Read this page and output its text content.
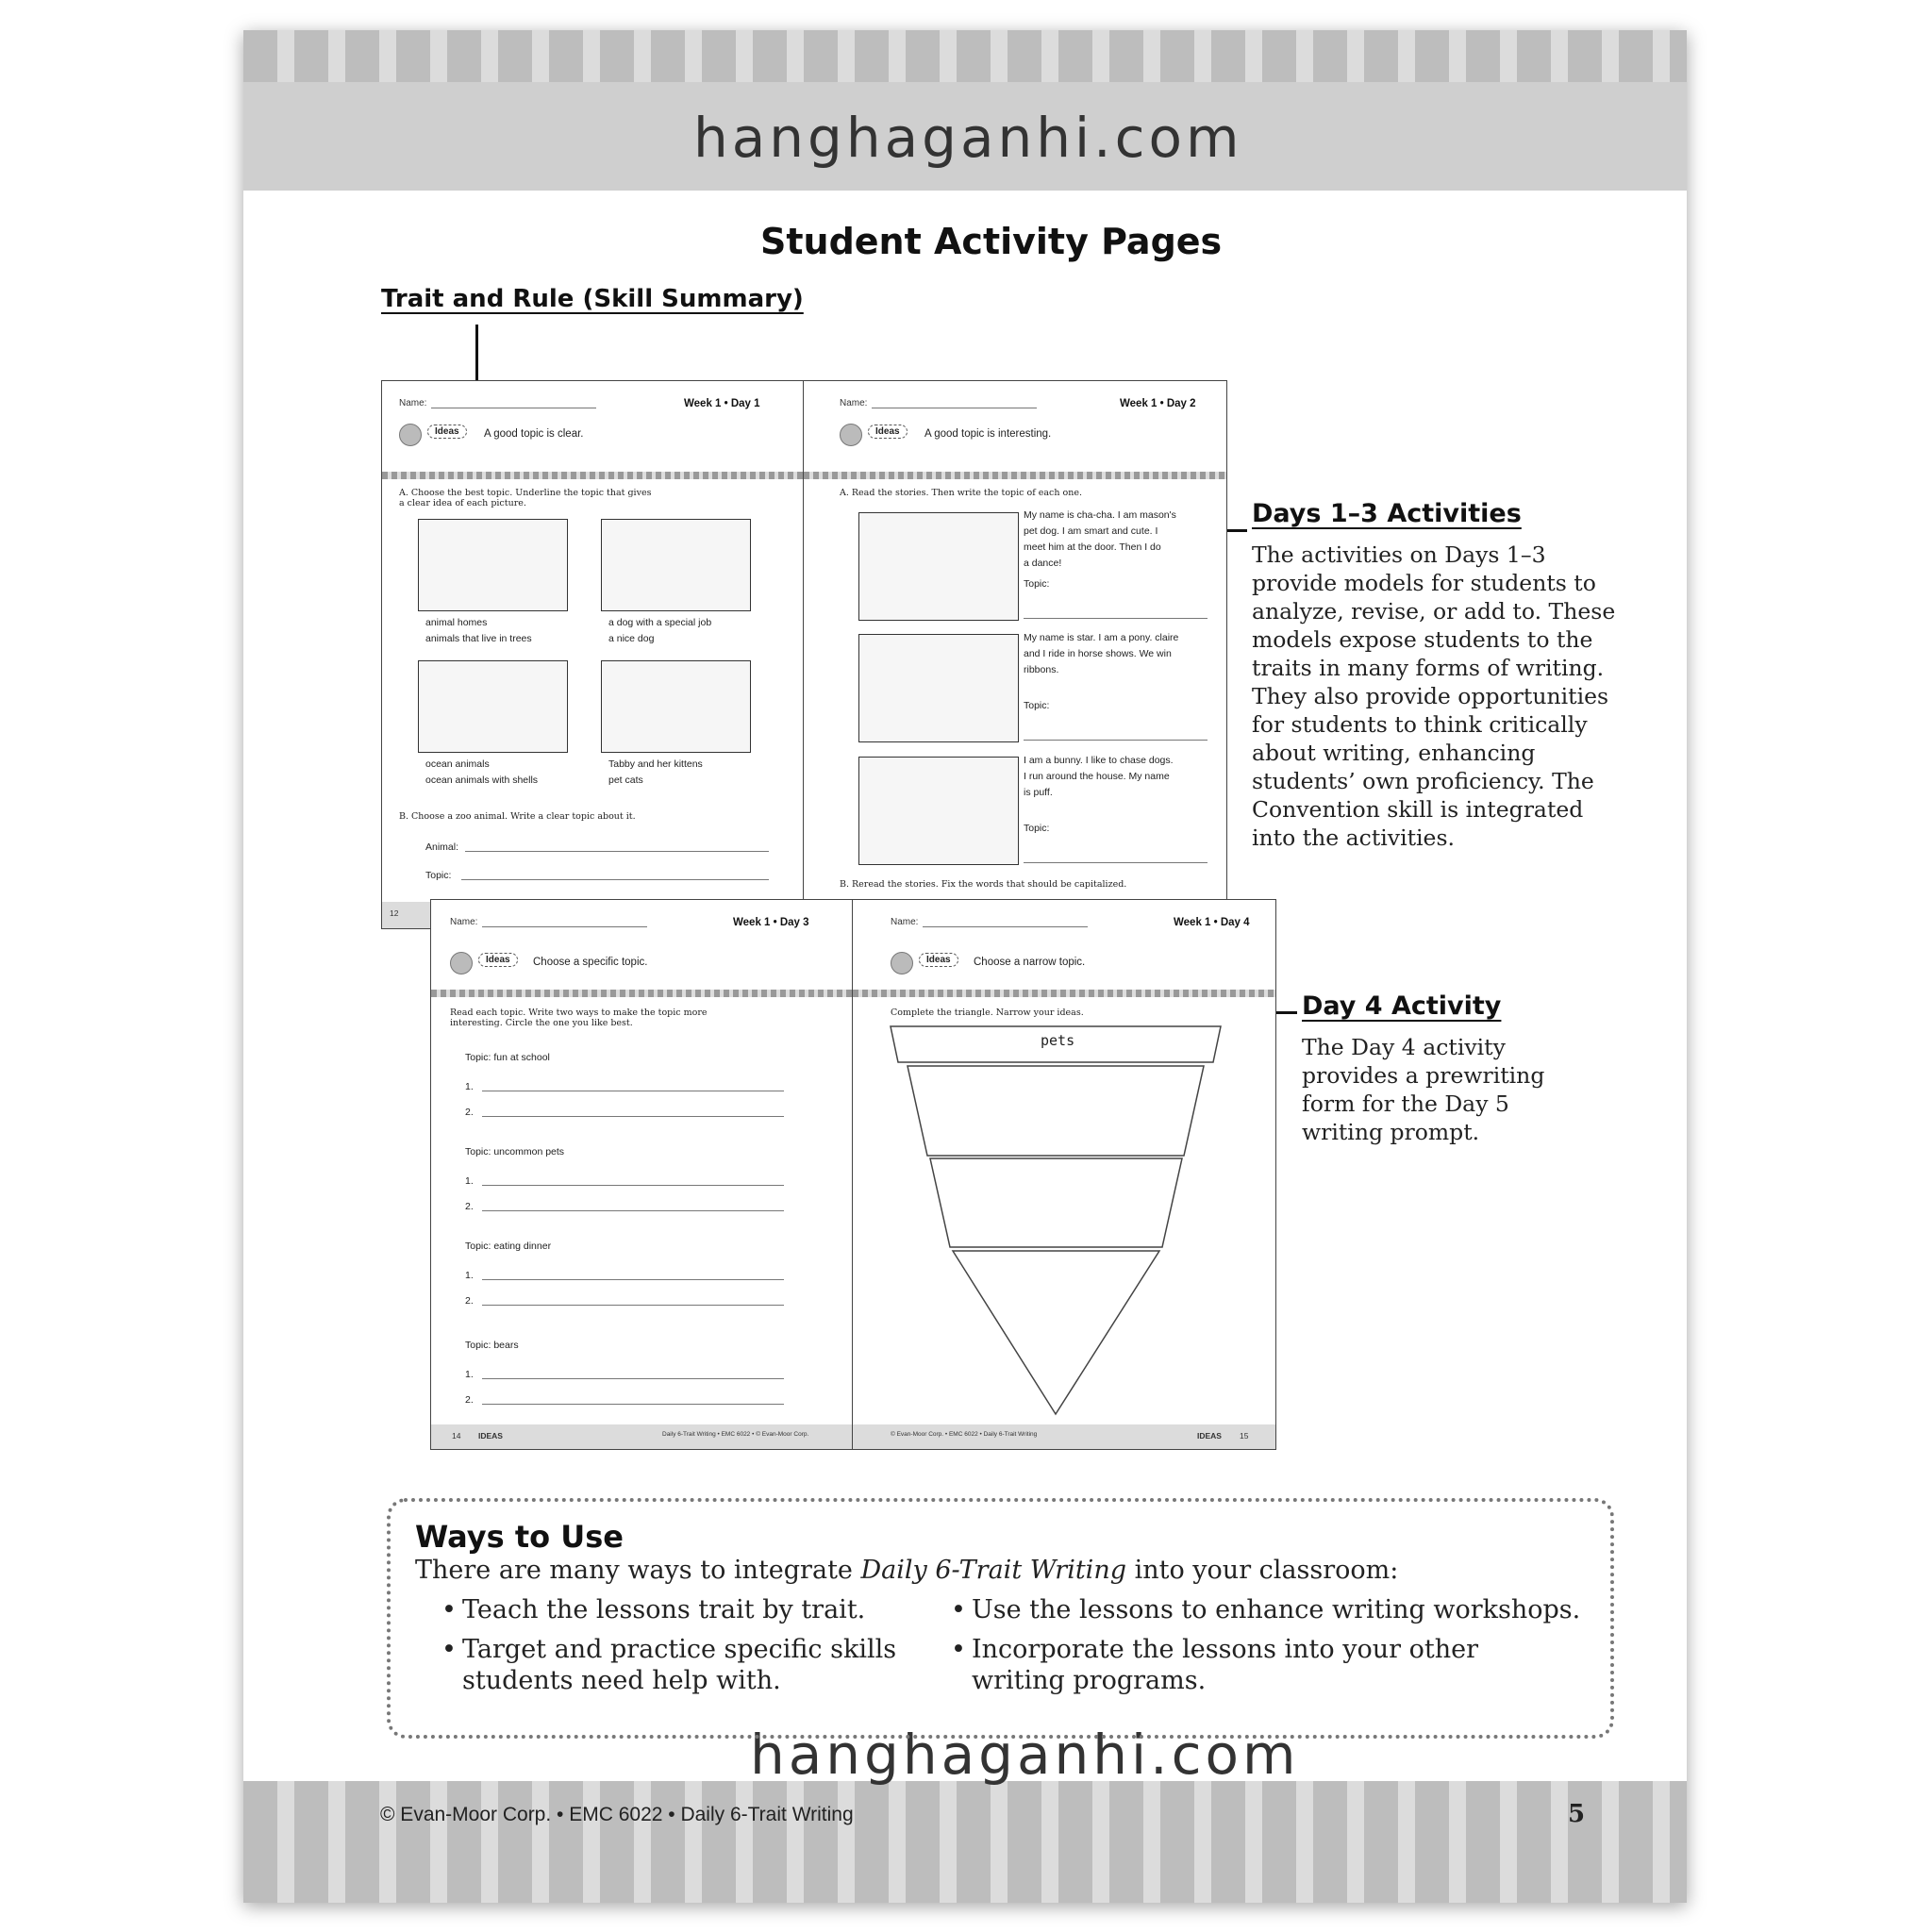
hanghaganhi.com
hanghaganhi.com
Student Activity Pages
Trait and Rule (Skill Summary)
Days 1–3 Activities
The activities on Days 1–3
provide models for students to
analyze, revise, or add to. These
models expose students to the
traits in many forms of writing.
They also provide opportunities
for students to think critically
about writing, enhancing
students’ own proficiency. The
Convention skill is integrated
into the activities.
Day 4 Activity
The Day 4 activity
provides a prewriting
form for the Day 5
writing prompt.
Name:	Week 1 • Day 1
Ideas	A good topic is clear.
A. Choose the best topic. Underline the topic that gives
a clear idea of each picture.
animal homes
animals that live in trees
a dog with a special job
a nice dog
ocean animals
ocean animals with shells
Tabby and her kittens
pet cats
B. Choose a zoo animal. Write a clear topic about it.
Animal:
Topic:
12
Name:	Week 1 • Day 2
Ideas	A good topic is interesting.
A. Read the stories. Then write the topic of each one.
My name is cha-cha. I am mason's
pet dog. I am smart and cute. I
meet him at the door. Then I do
a dance!
Topic:
My name is star. I am a pony. claire
and I ride in horse shows. We win
ribbons.
Topic:
I am a bunny. I like to chase dogs.
I run around the house. My name
is puff.
Topic:
B. Reread the stories. Fix the words that should be capitalized.
Name:	Week 1 • Day 3
Ideas	Choose a specific topic.
Read each topic. Write two ways to make the topic more
interesting. Circle the one you like best.
Topic: fun at school
1.
2.
Topic: uncommon pets
1.
2.
Topic: eating dinner
1.
2.
Topic: bears
1.
2.
14 IDEAS	Daily 6-Trait Writing • EMC 6022 • © Evan-Moor Corp.
Name:	Week 1 • Day 4
Ideas	Choose a narrow topic.
Complete the triangle. Narrow your ideas.
pets
© Evan-Moor Corp. • EMC 6022 • Daily 6-Trait Writing	IDEAS 15
Ways to Use
There are many ways to integrate Daily 6-Trait Writing into your classroom:
• Teach the lessons trait by trait.
• Target and practice specific skills
students need help with.
• Use the lessons to enhance writing workshops.
• Incorporate the lessons into your other
writing programs.
© Evan-Moor Corp. • EMC 6022 • Daily 6-Trait Writing	5
